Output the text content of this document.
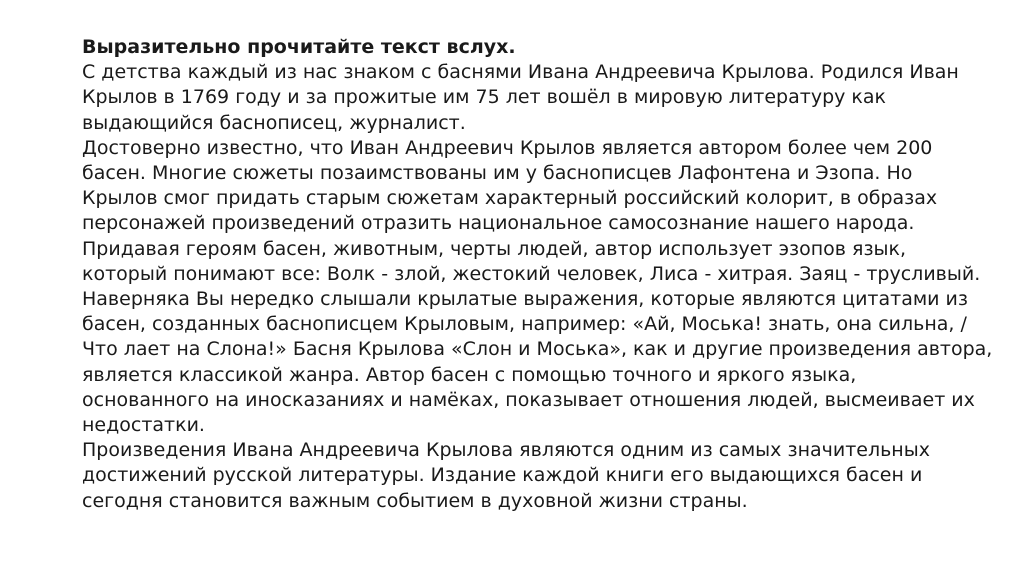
Выразительно прочитайте текст вслух.
С детства каждый из нас знаком с баснями Ивана Андреевича Крылова. Родился Иван
Крылов в 1769 году и за прожитые им 75 лет вошёл в мировую литературу как
выдающийся баснописец, журналист.
Достоверно известно, что Иван Андреевич Крылов является автором более чем 200
басен. Многие сюжеты позаимствованы им у баснописцев Лафонтена и Эзопа. Но
Крылов смог придать старым сюжетам характерный российский колорит, в образах
персонажей произведений отразить национальное самосознание нашего народа.
Придавая героям басен, животным, черты людей, автор использует эзопов язык,
который понимают все: Волк - злой, жестокий человек, Лиса - хитрая. Заяц - трусливый.
Наверняка Вы нередко слышали крылатые выражения, которые являются цитатами из
басен, созданных баснописцем Крыловым, например: «Ай, Моська! знать, она сильна, /
Что лает на Слона!» Басня Крылова «Слон и Моська», как и другие произведения автора,
является классикой жанра. Автор басен с помощью точного и яркого языка,
основанного на иносказаниях и намёках, показывает отношения людей, высмеивает их
недостатки.
Произведения Ивана Андреевича Крылова являются одним из самых значительных
достижений русской литературы. Издание каждой книги его выдающихся басен и
сегодня становится важным событием в духовной жизни страны.
